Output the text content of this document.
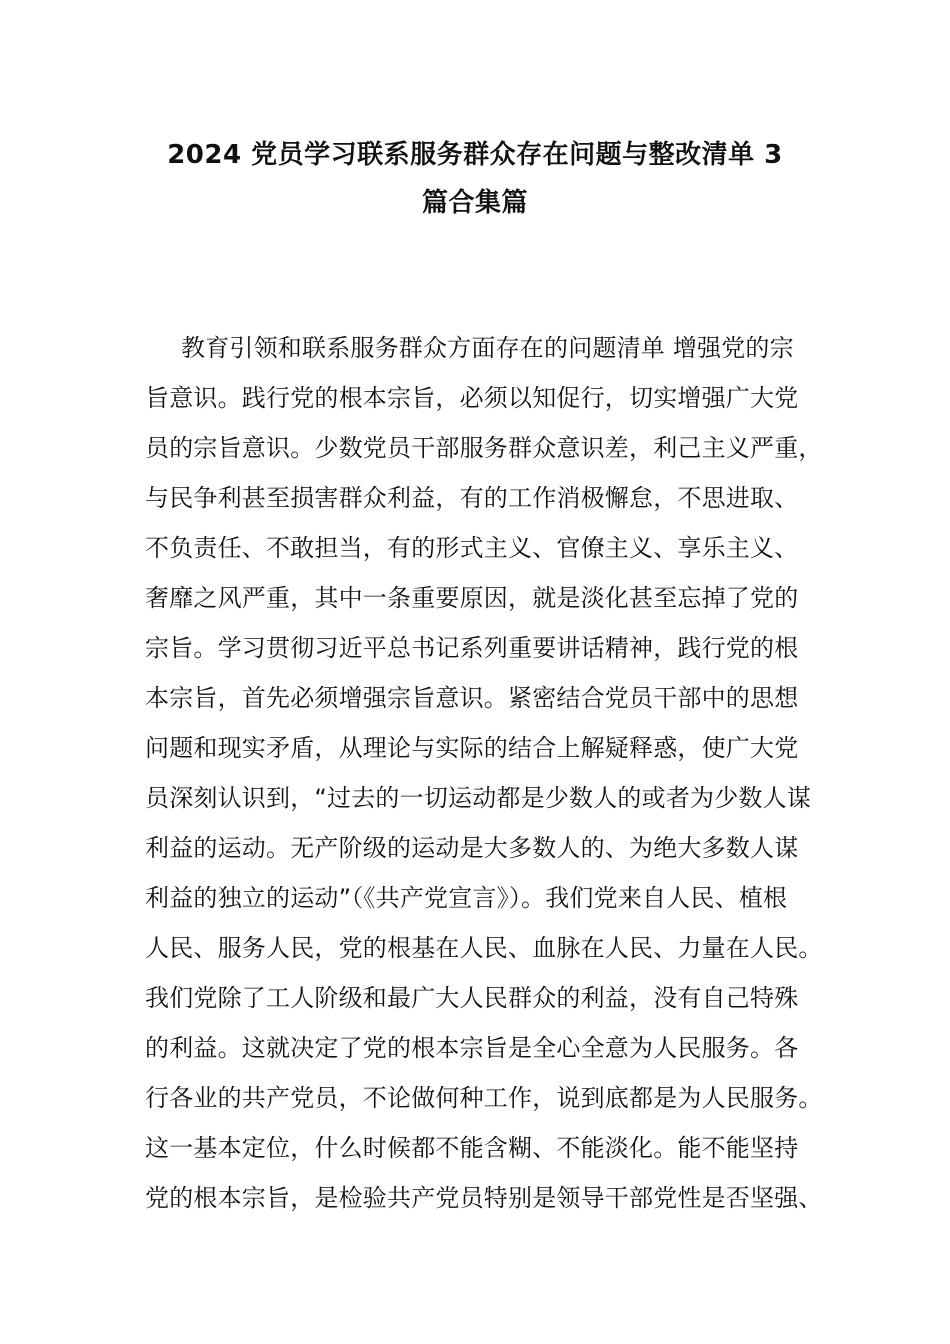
2024 党员学习联系服务群众存在问题与整改清单 3
篇合集篇
教育引领和联系服务群众方面存在的问题清单 增强党的宗
旨意识。践行党的根本宗旨，必须以知促行，切实增强广大党
员的宗旨意识。少数党员干部服务群众意识差，利己主义严重，
与民争利甚至损害群众利益，有的工作消极懈怠，不思进取、
不负责任、不敢担当，有的形式主义、官僚主义、享乐主义、
奢靡之风严重，其中一条重要原因，就是淡化甚至忘掉了党的
宗旨。学习贯彻习近平总书记系列重要讲话精神，践行党的根
本宗旨，首先必须增强宗旨意识。紧密结合党员干部中的思想
问题和现实矛盾，从理论与实际的结合上解疑释惑，使广大党
员深刻认识到，“过去的一切运动都是少数人的或者为少数人谋
利益的运动。无产阶级的运动是大多数人的、为绝大多数人谋
利益的独立的运动”（《共产党宣言》）。我们党来自人民、植根
人民、服务人民，党的根基在人民、血脉在人民、力量在人民。
我们党除了工人阶级和最广大人民群众的利益，没有自己特殊
的利益。这就决定了党的根本宗旨是全心全意为人民服务。各
行各业的共产党员，不论做何种工作，说到底都是为人民服务。
这一基本定位，什么时候都不能含糊、不能淡化。能不能坚持
党的根本宗旨，是检验共产党员特别是领导干部党性是否坚强、
